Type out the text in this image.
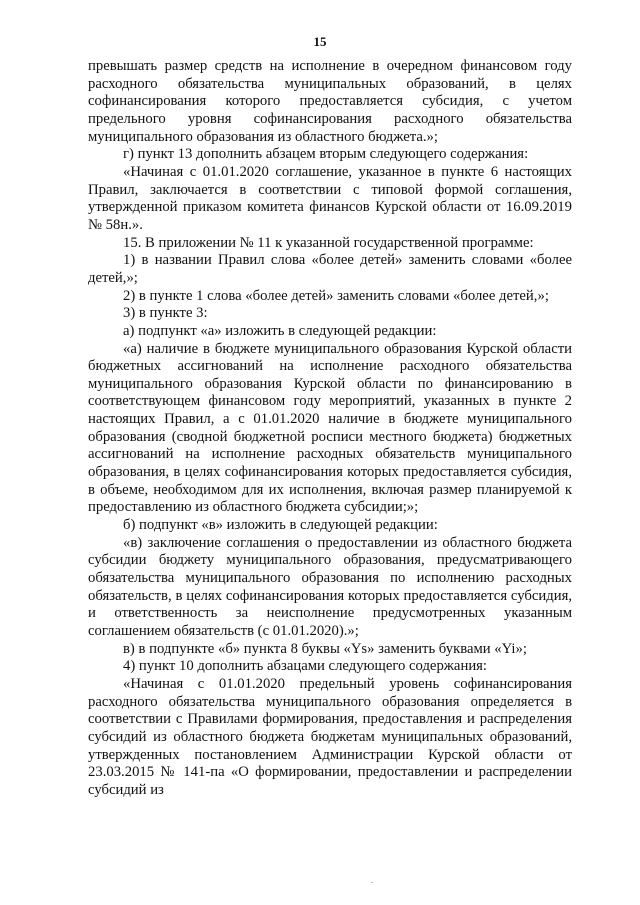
15

превышать размер средств на исполнение в очередном финансовом году расходного обязательства муниципальных образований, в целях софинансирования которого предоставляется субсидия, с учетом предельного уровня софинансирования расходного обязательства муниципального образования из областного бюджета.»;

г) пункт 13 дополнить абзацем вторым следующего содержания:

«Начиная с 01.01.2020 соглашение, указанное в пункте 6 настоящих Правил, заключается в соответствии с типовой формой соглашения, утвержденной приказом комитета финансов Курской области от 16.09.2019 № 58н.».

15. В приложении № 11 к указанной государственной программе:

1) в названии Правил слова «более детей» заменить словами «более детей,»;

2) в пункте 1 слова «более детей» заменить словами «более детей,»;

3) в пункте 3:

а) подпункт «а» изложить в следующей редакции:

«а) наличие в бюджете муниципального образования Курской области бюджетных ассигнований на исполнение расходного обязательства муниципального образования Курской области по финансированию в соответствующем финансовом году мероприятий, указанных в пункте 2 настоящих Правил, а с 01.01.2020 наличие в бюджете муниципального образования (сводной бюджетной росписи местного бюджета) бюджетных ассигнований на исполнение расходных обязательств муниципального образования, в целях софинансирования которых предоставляется субсидия, в объеме, необходимом для их исполнения, включая размер планируемой к предоставлению из областного бюджета субсидии;»;

б) подпункт «в» изложить в следующей редакции:

«в) заключение соглашения о предоставлении из областного бюджета субсидии бюджету муниципального образования, предусматривающего обязательства муниципального образования по исполнению расходных обязательств, в целях софинансирования которых предоставляется субсидия, и ответственность за неисполнение предусмотренных указанным соглашением обязательств (с 01.01.2020).»;

в) в подпункте «б» пункта 8 буквы «Ys» заменить буквами «Yi»;

4) пункт 10 дополнить абзацами следующего содержания:

«Начиная с 01.01.2020 предельный уровень софинансирования расходного обязательства муниципального образования определяется в соответствии с Правилами формирования, предоставления и распределения субсидий из областного бюджета бюджетам муниципальных образований, утвержденных постановлением Администрации Курской области от 23.03.2015 № 141-па «О формировании, предоставлении и распределении субсидий из

.
